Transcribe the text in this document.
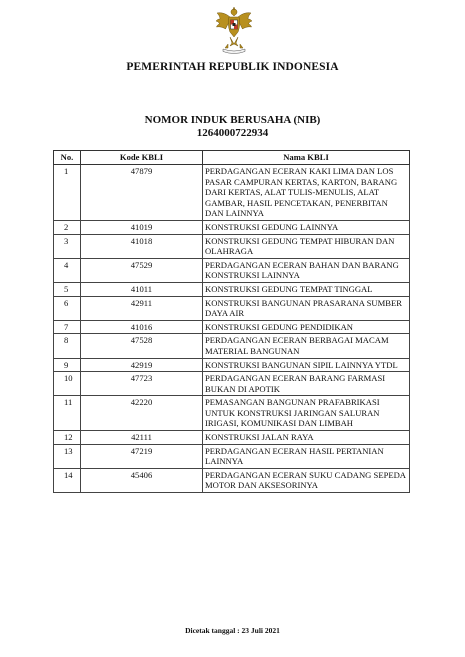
PEMERINTAH REPUBLIK INDONESIA
NOMOR INDUK BERUSAHA (NIB)
1264000722934
No.	Kode KBLI	Nama KBLI
1	47879	PERDAGANGAN ECERAN KAKI LIMA DAN LOS PASAR CAMPURAN KERTAS, KARTON, BARANG DARI KERTAS, ALAT TULIS-MENULIS, ALAT GAMBAR, HASIL PENCETAKAN, PENERBITAN DAN LAINNYA
2	41019	KONSTRUKSI GEDUNG LAINNYA
3	41018	KONSTRUKSI GEDUNG TEMPAT HIBURAN DAN OLAHRAGA
4	47529	PERDAGANGAN ECERAN BAHAN DAN BARANG KONSTRUKSI LAINNYA
5	41011	KONSTRUKSI GEDUNG TEMPAT TINGGAL
6	42911	KONSTRUKSI BANGUNAN PRASARANA SUMBER DAYA AIR
7	41016	KONSTRUKSI GEDUNG PENDIDIKAN
8	47528	PERDAGANGAN ECERAN BERBAGAI MACAM MATERIAL BANGUNAN
9	42919	KONSTRUKSI BANGUNAN SIPIL LAINNYA YTDL
10	47723	PERDAGANGAN ECERAN BARANG FARMASI BUKAN DI APOTIK
11	42220	PEMASANGAN BANGUNAN PRAFABRIKASI UNTUK KONSTRUKSI JARINGAN SALURAN IRIGASI, KOMUNIKASI DAN LIMBAH
12	42111	KONSTRUKSI JALAN RAYA
13	47219	PERDAGANGAN ECERAN HASIL PERTANIAN LAINNYA
14	45406	PERDAGANGAN ECERAN SUKU CADANG SEPEDA MOTOR DAN AKSESORINYA
Dicetak tanggal : 23 Juli 2021
